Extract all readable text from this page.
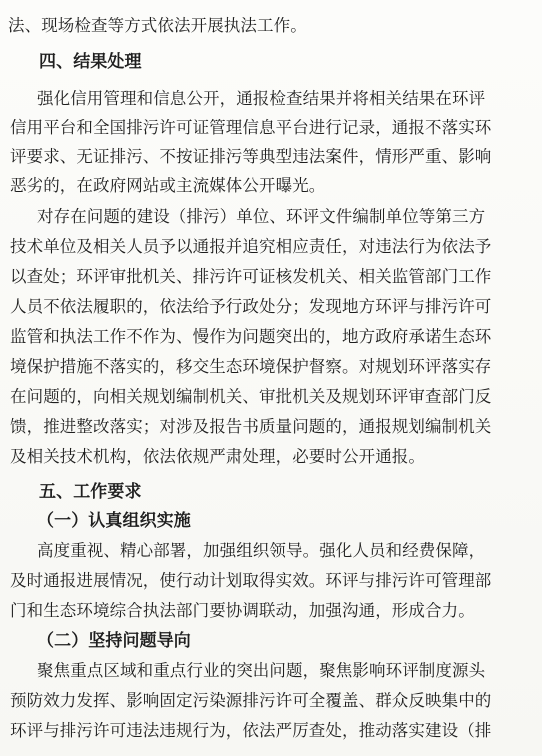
法、现场检查等方式依法开展执法工作。
四、结果处理
强化信用管理和信息公开，通报检查结果并将相关结果在环评
信用平台和全国排污许可证管理信息平台进行记录，通报不落实环
评要求、无证排污、不按证排污等典型违法案件，情形严重、影响
恶劣的，在政府网站或主流媒体公开曝光。
对存在问题的建设（排污）单位、环评文件编制单位等第三方
技术单位及相关人员予以通报并追究相应责任，对违法行为依法予
以查处；环评审批机关、排污许可证核发机关、相关监管部门工作
人员不依法履职的，依法给予行政处分；发现地方环评与排污许可
监管和执法工作不作为、慢作为问题突出的，地方政府承诺生态环
境保护措施不落实的，移交生态环境保护督察。对规划环评落实存
在问题的，向相关规划编制机关、审批机关及规划环评审查部门反
馈，推进整改落实；对涉及报告书质量问题的，通报规划编制机关
及相关技术机构，依法依规严肃处理，必要时公开通报。
五、工作要求
（一）认真组织实施
高度重视、精心部署，加强组织领导。强化人员和经费保障，
及时通报进展情况，使行动计划取得实效。环评与排污许可管理部
门和生态环境综合执法部门要协调联动，加强沟通，形成合力。
（二）坚持问题导向
聚焦重点区域和重点行业的突出问题，聚焦影响环评制度源头
预防效力发挥、影响固定污染源排污许可全覆盖、群众反映集中的
环评与排污许可违法违规行为，依法严厉查处，推动落实建设（排
